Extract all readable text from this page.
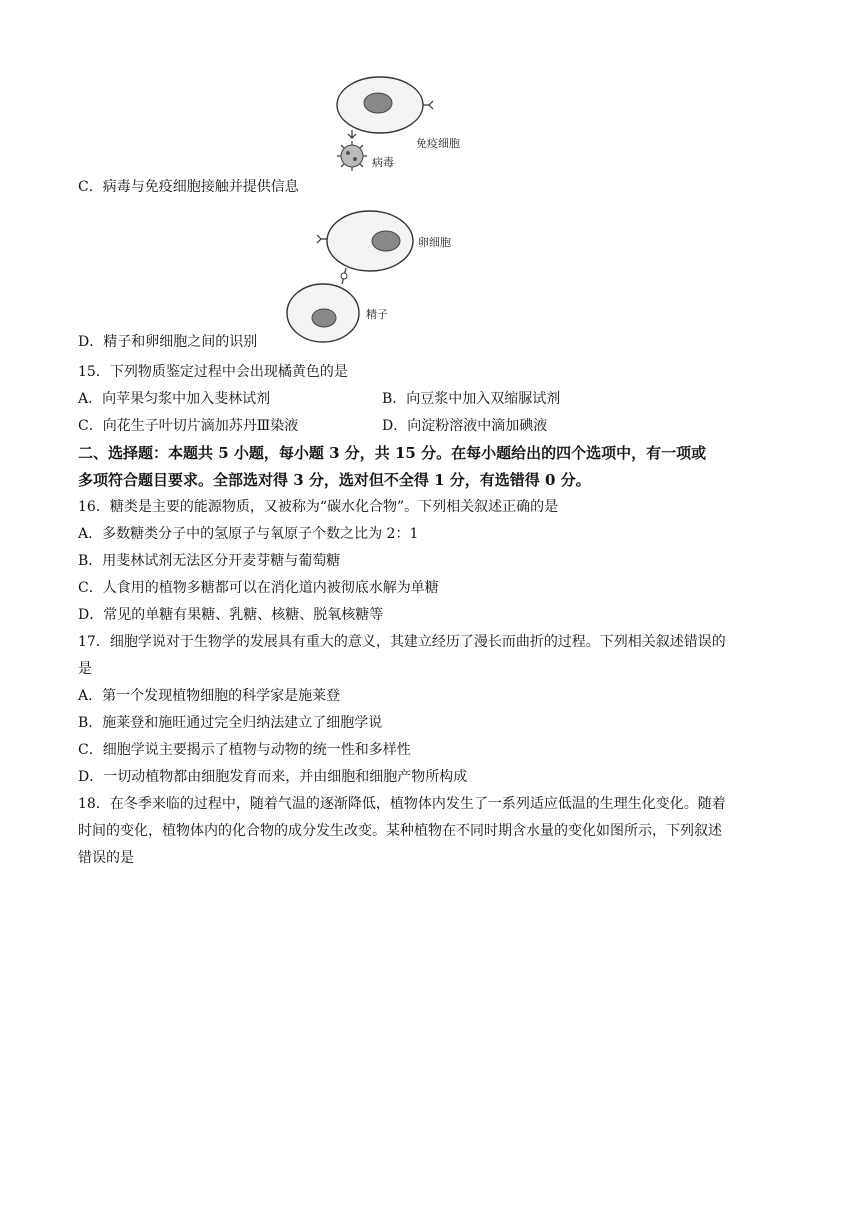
免疫细胞
病毒
C．病毒与免疫细胞接触并提供信息
卵细胞
精子
D．精子和卵细胞之间的识别
15．下列物质鉴定过程中会出现橘黄色的是
A．向苹果匀浆中加入斐林试剂	B．向豆浆中加入双缩脲试剂
C．向花生子叶切片滴加苏丹Ⅲ染液	D．向淀粉溶液中滴加碘液
二、选择题：本题共 5 小题，每小题 3 分，共 15 分。在每小题给出的四个选项中，有一项或
多项符合题目要求。全部选对得 3 分，选对但不全得 1 分，有选错得 0 分。
16．糖类是主要的能源物质，又被称为“碳水化合物”。下列相关叙述正确的是
A．多数糖类分子中的氢原子与氧原子个数之比为 2：1
B．用斐林试剂无法区分开麦芽糖与葡萄糖
C．人食用的植物多糖都可以在消化道内被彻底水解为单糖
D．常见的单糖有果糖、乳糖、核糖、脱氧核糖等
17．细胞学说对于生物学的发展具有重大的意义，其建立经历了漫长而曲折的过程。下列相关叙述错误的
是
A．第一个发现植物细胞的科学家是施莱登
B．施莱登和施旺通过完全归纳法建立了细胞学说
C．细胞学说主要揭示了植物与动物的统一性和多样性
D．一切动植物都由细胞发育而来，并由细胞和细胞产物所构成
18．在冬季来临的过程中，随着气温的逐渐降低，植物体内发生了一系列适应低温的生理生化变化。随着
时间的变化，植物体内的化合物的成分发生改变。某种植物在不同时期含水量的变化如图所示，下列叙述
错误的是
